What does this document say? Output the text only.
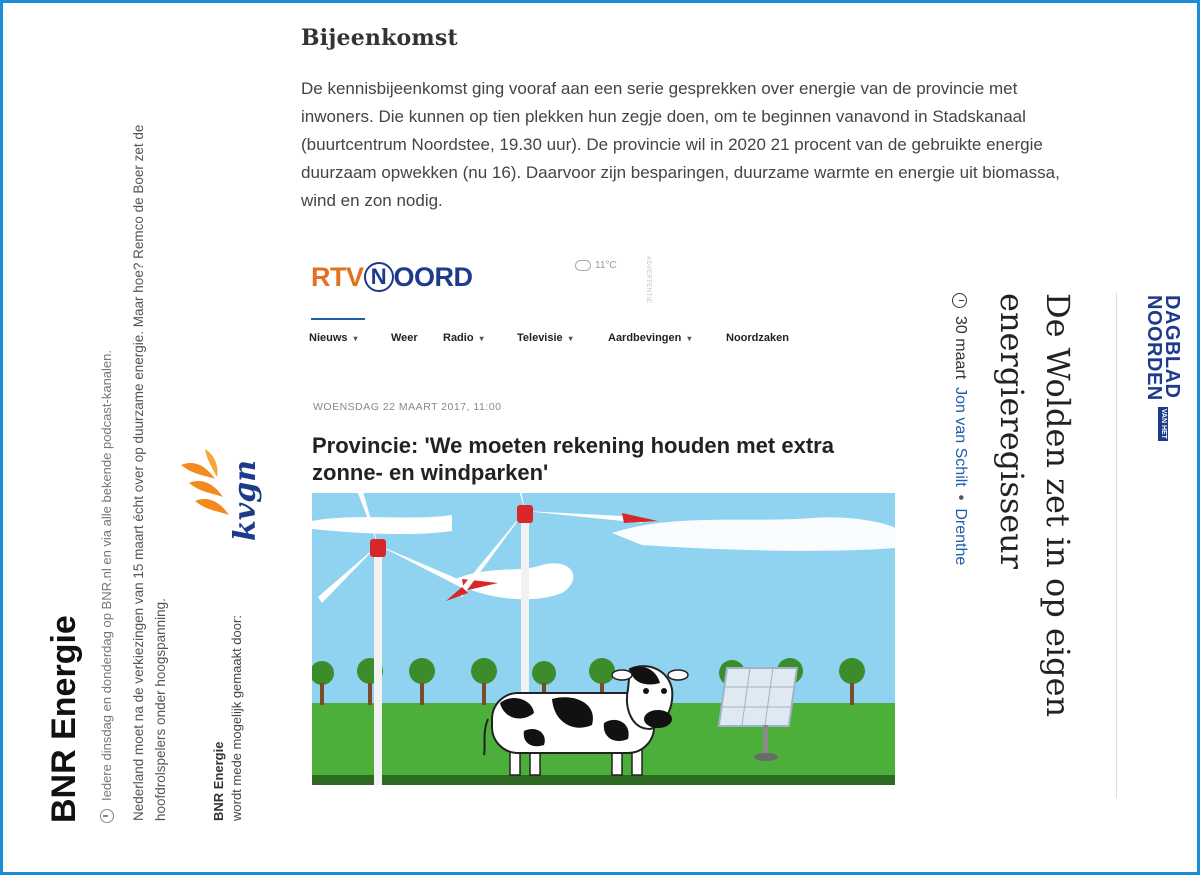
Bijeenkomst

De kennisbijeenkomst ging vooraf aan een serie gesprekken over energie van de provincie met inwoners. Die kunnen op tien plekken hun zegje doen, om te beginnen vanavond in Stadskanaal (buurtcentrum Noordstee, 19.30 uur). De provincie wil in 2020 21 procent van de gebruikte energie duurzaam opwekken (nu 16). Daarvoor zijn besparingen, duurzame warmte en energie uit biomassa, wind en zon nodig.

BNR Energie Iedere dinsdag en donderdag op BNR.nl en via alle bekende podcast-kanalen. Nederland moet na de verkiezingen van 15 maart écht over op duurzame energie. Maar hoe? Remco de Boer zet de hoofdrolspelers onder hoogspanning.	BNR Energie wordt mede mogelijk gemaakt door:
kvgn
RTV N OORD	11°C	ADVERTENTIE
Nieuws ▾	Weer Radio ▾	Televisie ▾	Aardbevingen ▾	Noordzaken
WOENSDAG 22 MAART 2017, 11:00
Provincie: 'We moeten rekening houden met extra zonne- en windparken'
DAGBLAD
NOORDEN
VAN HET
De Wolden zet in op eigen
energieregisseur
30 maart
Jon van Schilt
•
Drenthe
